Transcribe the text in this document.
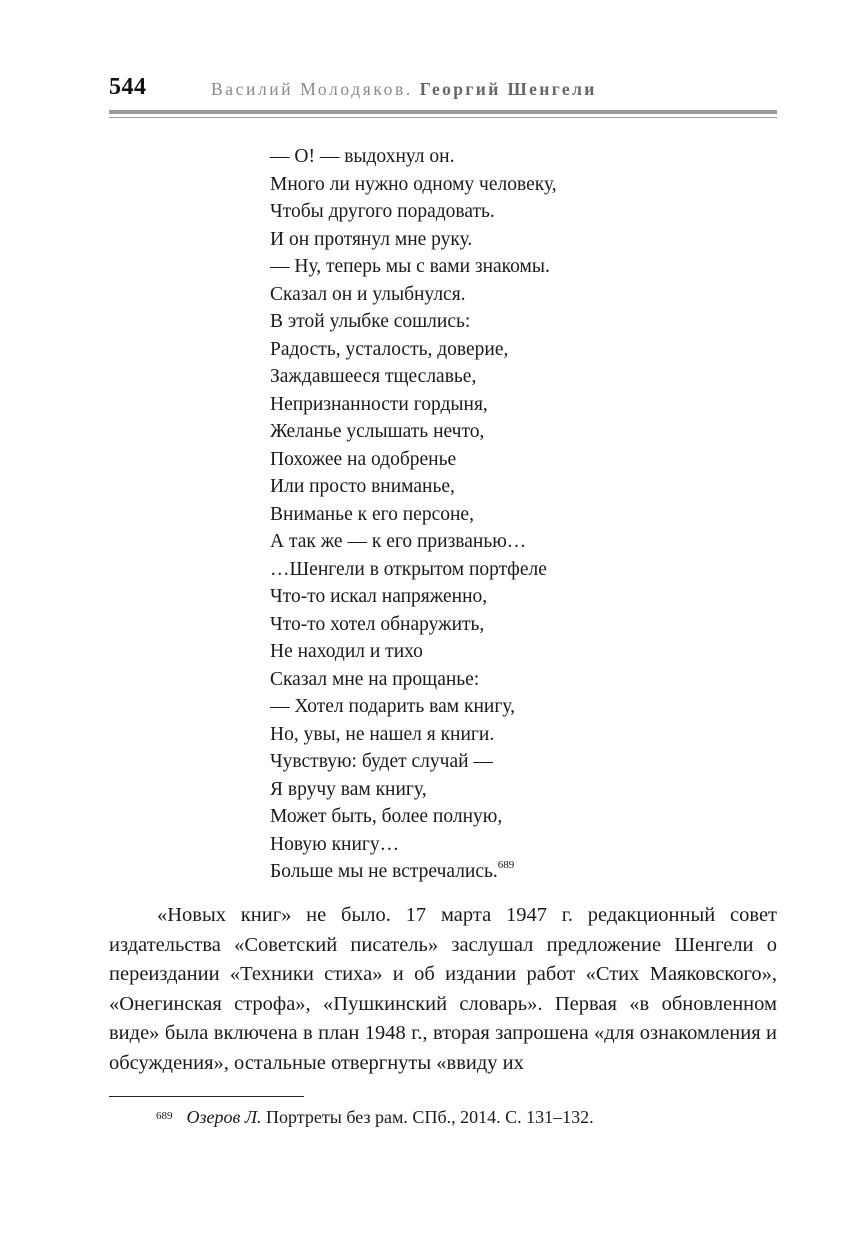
544	Василий Молодяков. Георгий Шенгели
— О! — выдохнул он.
Много ли нужно одному человеку,
Чтобы другого порадовать.
И он протянул мне руку.
— Ну, теперь мы с вами знакомы.
Сказал он и улыбнулся.
В этой улыбке сошлись:
Радость, усталость, доверие,
Заждавшееся тщеславье,
Непризнанности гордыня,
Желанье услышать нечто,
Похожее на одобренье
Или просто вниманье,
Вниманье к его персоне,
А так же — к его призванью…
…Шенгели в открытом портфеле
Что-то искал напряженно,
Что-то хотел обнаружить,
Не находил и тихо
Сказал мне на прощанье:
— Хотел подарить вам книгу,
Но, увы, не нашел я книги.
Чувствую: будет случай —
Я вручу вам книгу,
Может быть, более полную,
Новую книгу…
Больше мы не встречались.$^{689}$

«Новых книг» не было. 17 марта 1947 г. редакционный совет издательства «Советский писатель» заслушал предложение Шенгели о переиздании «Техники стиха» и об издании работ «Стих Маяковского», «Онегинская строфа», «Пушкинский словарь». Первая «в обновленном виде» была включена в план 1948 г., вторая запрошена «для ознакомления и обсуждения», остальные отвергнуты «ввиду их

$^{689}$ Озеров Л. Портреты без рам. СПб., 2014. С. 131–132.
